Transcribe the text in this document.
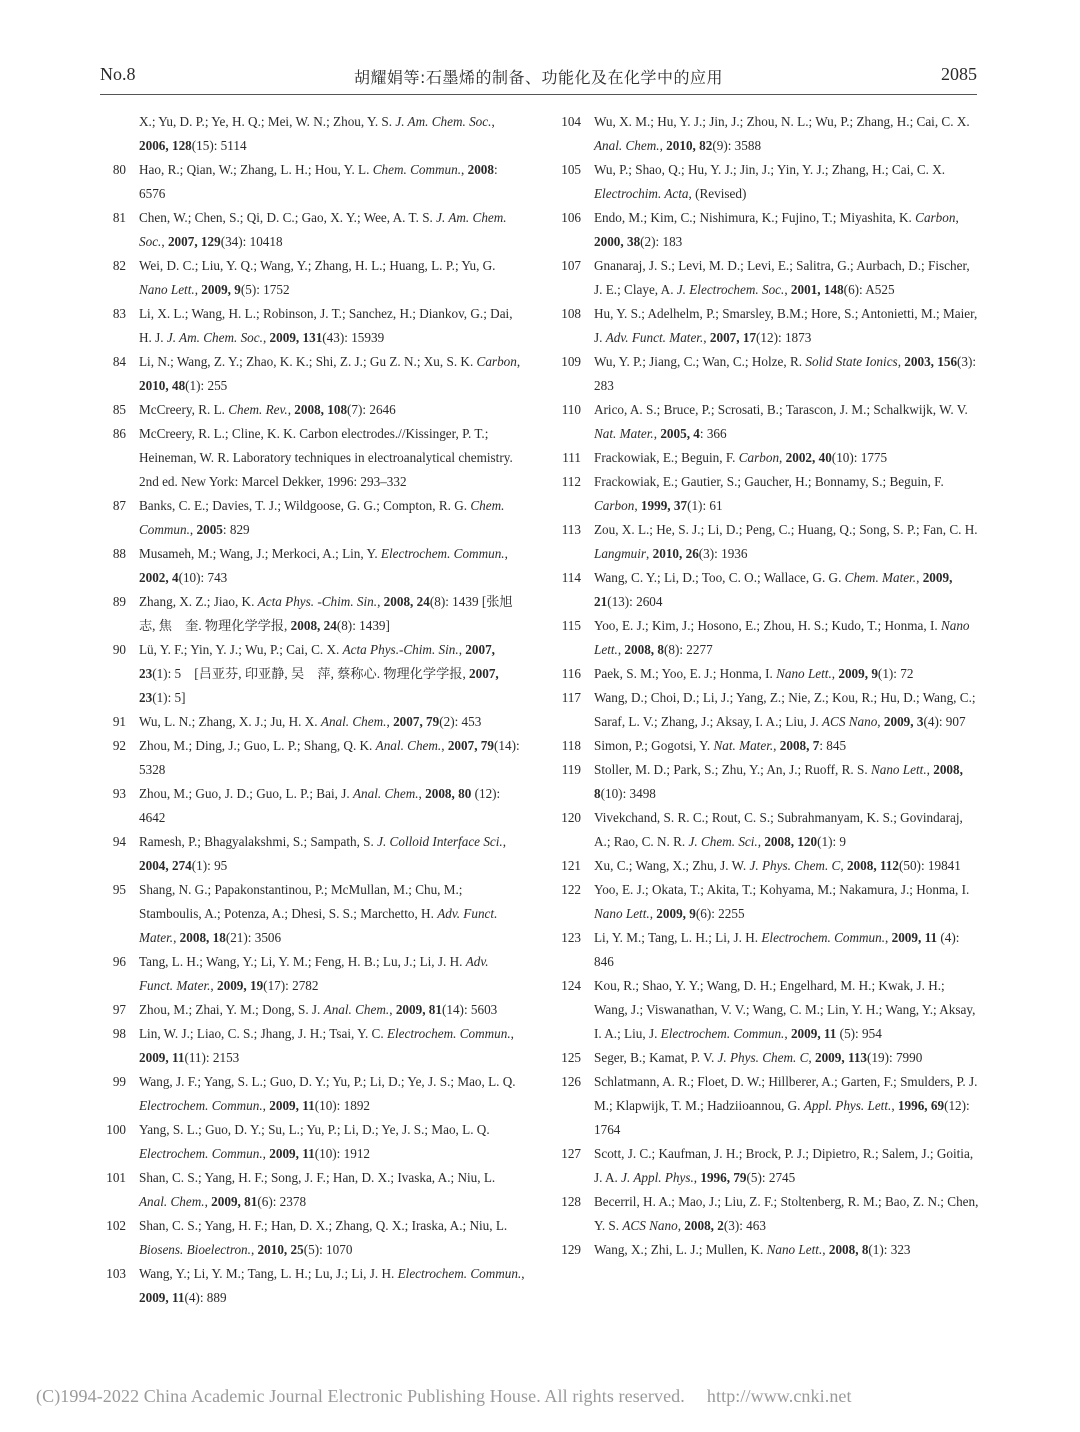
No.8	胡耀娟等:石墨烯的制备、功能化及在化学中的应用	2085

X.; Yu, D. P.; Ye, H. Q.; Mei, W. N.; Zhou, Y. S. J. Am. Chem. Soc., 2006, 128(15): 5114

80 Hao, R.; Qian, W.; Zhang, L. H.; Hou, Y. L. Chem. Commun., 2008: 6576

81 Chen, W.; Chen, S.; Qi, D. C.; Gao, X. Y.; Wee, A. T. S. J. Am. Chem. Soc., 2007, 129(34): 10418

82 Wei, D. C.; Liu, Y. Q.; Wang, Y.; Zhang, H. L.; Huang, L. P.; Yu, G. Nano Lett., 2009, 9(5): 1752

83 Li, X. L.; Wang, H. L.; Robinson, J. T.; Sanchez, H.; Diankov, G.; Dai, H. J. J. Am. Chem. Soc., 2009, 131(43): 15939

84 Li, N.; Wang, Z. Y.; Zhao, K. K.; Shi, Z. J.; Gu Z. N.; Xu, S. K. Carbon, 2010, 48(1): 255

85 McCreery, R. L. Chem. Rev., 2008, 108(7): 2646

86 McCreery, R. L.; Cline, K. K. Carbon electrodes.//Kissinger, P. T.; Heineman, W. R. Laboratory techniques in electroanalytical chemistry. 2nd ed. New York: Marcel Dekker, 1996: 293–332

87 Banks, C. E.; Davies, T. J.; Wildgoose, G. G.; Compton, R. G. Chem. Commun., 2005: 829

88 Musameh, M.; Wang, J.; Merkoci, A.; Lin, Y. Electrochem. Commun., 2002, 4(10): 743

89 Zhang, X. Z.; Jiao, K. Acta Phys. -Chim. Sin., 2008, 24(8): 1439 [张旭志, 焦　奎. 物理化学学报, 2008, 24(8): 1439]

90 Lü, Y. F.; Yin, Y. J.; Wu, P.; Cai, C. X. Acta Phys.-Chim. Sin., 2007, 23(1): 5　[吕亚芬, 印亚静, 吴　萍, 蔡称心. 物理化学学报, 2007, 23(1): 5]

91 Wu, L. N.; Zhang, X. J.; Ju, H. X. Anal. Chem., 2007, 79(2): 453

92 Zhou, M.; Ding, J.; Guo, L. P.; Shang, Q. K. Anal. Chem., 2007, 79(14): 5328

93 Zhou, M.; Guo, J. D.; Guo, L. P.; Bai, J. Anal. Chem., 2008, 80 (12): 4642

94 Ramesh, P.; Bhagyalakshmi, S.; Sampath, S. J. Colloid Interface Sci., 2004, 274(1): 95

95 Shang, N. G.; Papakonstantinou, P.; McMullan, M.; Chu, M.; Stamboulis, A.; Potenza, A.; Dhesi, S. S.; Marchetto, H. Adv. Funct. Mater., 2008, 18(21): 3506

96 Tang, L. H.; Wang, Y.; Li, Y. M.; Feng, H. B.; Lu, J.; Li, J. H. Adv. Funct. Mater., 2009, 19(17): 2782

97 Zhou, M.; Zhai, Y. M.; Dong, S. J. Anal. Chem., 2009, 81(14): 5603

98 Lin, W. J.; Liao, C. S.; Jhang, J. H.; Tsai, Y. C. Electrochem. Commun., 2009, 11(11): 2153

99 Wang, J. F.; Yang, S. L.; Guo, D. Y.; Yu, P.; Li, D.; Ye, J. S.; Mao, L. Q. Electrochem. Commun., 2009, 11(10): 1892

100 Yang, S. L.; Guo, D. Y.; Su, L.; Yu, P.; Li, D.; Ye, J. S.; Mao, L. Q. Electrochem. Commun., 2009, 11(10): 1912

101 Shan, C. S.; Yang, H. F.; Song, J. F.; Han, D. X.; Ivaska, A.; Niu, L. Anal. Chem., 2009, 81(6): 2378

102 Shan, C. S.; Yang, H. F.; Han, D. X.; Zhang, Q. X.; Iraska, A.; Niu, L. Biosens. Bioelectron., 2010, 25(5): 1070

103 Wang, Y.; Li, Y. M.; Tang, L. H.; Lu, J.; Li, J. H. Electrochem. Commun., 2009, 11(4): 889

104 Wu, X. M.; Hu, Y. J.; Jin, J.; Zhou, N. L.; Wu, P.; Zhang, H.; Cai, C. X. Anal. Chem., 2010, 82(9): 3588

105 Wu, P.; Shao, Q.; Hu, Y. J.; Jin, J.; Yin, Y. J.; Zhang, H.; Cai, C. X. Electrochim. Acta, (Revised)

106 Endo, M.; Kim, C.; Nishimura, K.; Fujino, T.; Miyashita, K. Carbon, 2000, 38(2): 183

107 Gnanaraj, J. S.; Levi, M. D.; Levi, E.; Salitra, G.; Aurbach, D.; Fischer, J. E.; Claye, A. J. Electrochem. Soc., 2001, 148(6): A525

108 Hu, Y. S.; Adelhelm, P.; Smarsley, B.M.; Hore, S.; Antonietti, M.; Maier, J. Adv. Funct. Mater., 2007, 17(12): 1873

109 Wu, Y. P.; Jiang, C.; Wan, C.; Holze, R. Solid State Ionics, 2003, 156(3): 283

110 Arico, A. S.; Bruce, P.; Scrosati, B.; Tarascon, J. M.; Schalkwijk, W. V. Nat. Mater., 2005, 4: 366

111 Frackowiak, E.; Beguin, F. Carbon, 2002, 40(10): 1775

112 Frackowiak, E.; Gautier, S.; Gaucher, H.; Bonnamy, S.; Beguin, F. Carbon, 1999, 37(1): 61

113 Zou, X. L.; He, S. J.; Li, D.; Peng, C.; Huang, Q.; Song, S. P.; Fan, C. H. Langmuir, 2010, 26(3): 1936

114 Wang, C. Y.; Li, D.; Too, C. O.; Wallace, G. G. Chem. Mater., 2009, 21(13): 2604

115 Yoo, E. J.; Kim, J.; Hosono, E.; Zhou, H. S.; Kudo, T.; Honma, I. Nano Lett., 2008, 8(8): 2277

116 Paek, S. M.; Yoo, E. J.; Honma, I. Nano Lett., 2009, 9(1): 72

117 Wang, D.; Choi, D.; Li, J.; Yang, Z.; Nie, Z.; Kou, R.; Hu, D.; Wang, C.; Saraf, L. V.; Zhang, J.; Aksay, I. A.; Liu, J. ACS Nano, 2009, 3(4): 907

118 Simon, P.; Gogotsi, Y. Nat. Mater., 2008, 7: 845

119 Stoller, M. D.; Park, S.; Zhu, Y.; An, J.; Ruoff, R. S. Nano Lett., 2008, 8(10): 3498

120 Vivekchand, S. R. C.; Rout, C. S.; Subrahmanyam, K. S.; Govindaraj, A.; Rao, C. N. R. J. Chem. Sci., 2008, 120(1): 9

121 Xu, C.; Wang, X.; Zhu, J. W. J. Phys. Chem. C, 2008, 112(50): 19841

122 Yoo, E. J.; Okata, T.; Akita, T.; Kohyama, M.; Nakamura, J.; Honma, I. Nano Lett., 2009, 9(6): 2255

123 Li, Y. M.; Tang, L. H.; Li, J. H. Electrochem. Commun., 2009, 11 (4): 846

124 Kou, R.; Shao, Y. Y.; Wang, D. H.; Engelhard, M. H.; Kwak, J. H.; Wang, J.; Viswanathan, V. V.; Wang, C. M.; Lin, Y. H.; Wang, Y.; Aksay, I. A.; Liu, J. Electrochem. Commun., 2009, 11 (5): 954

125 Seger, B.; Kamat, P. V. J. Phys. Chem. C, 2009, 113(19): 7990

126 Schlatmann, A. R.; Floet, D. W.; Hillberer, A.; Garten, F.; Smulders, P. J. M.; Klapwijk, T. M.; Hadziioannou, G. Appl. Phys. Lett., 1996, 69(12): 1764

127 Scott, J. C.; Kaufman, J. H.; Brock, P. J.; Dipietro, R.; Salem, J.; Goitia, J. A. J. Appl. Phys., 1996, 79(5): 2745

128 Becerril, H. A.; Mao, J.; Liu, Z. F.; Stoltenberg, R. M.; Bao, Z. N.; Chen, Y. S. ACS Nano, 2008, 2(3): 463

129 Wang, X.; Zhi, L. J.; Mullen, K. Nano Lett., 2008, 8(1): 323

(C)1994-2022 China Academic Journal Electronic Publishing House. All rights reserved. http://www.cnki.net
